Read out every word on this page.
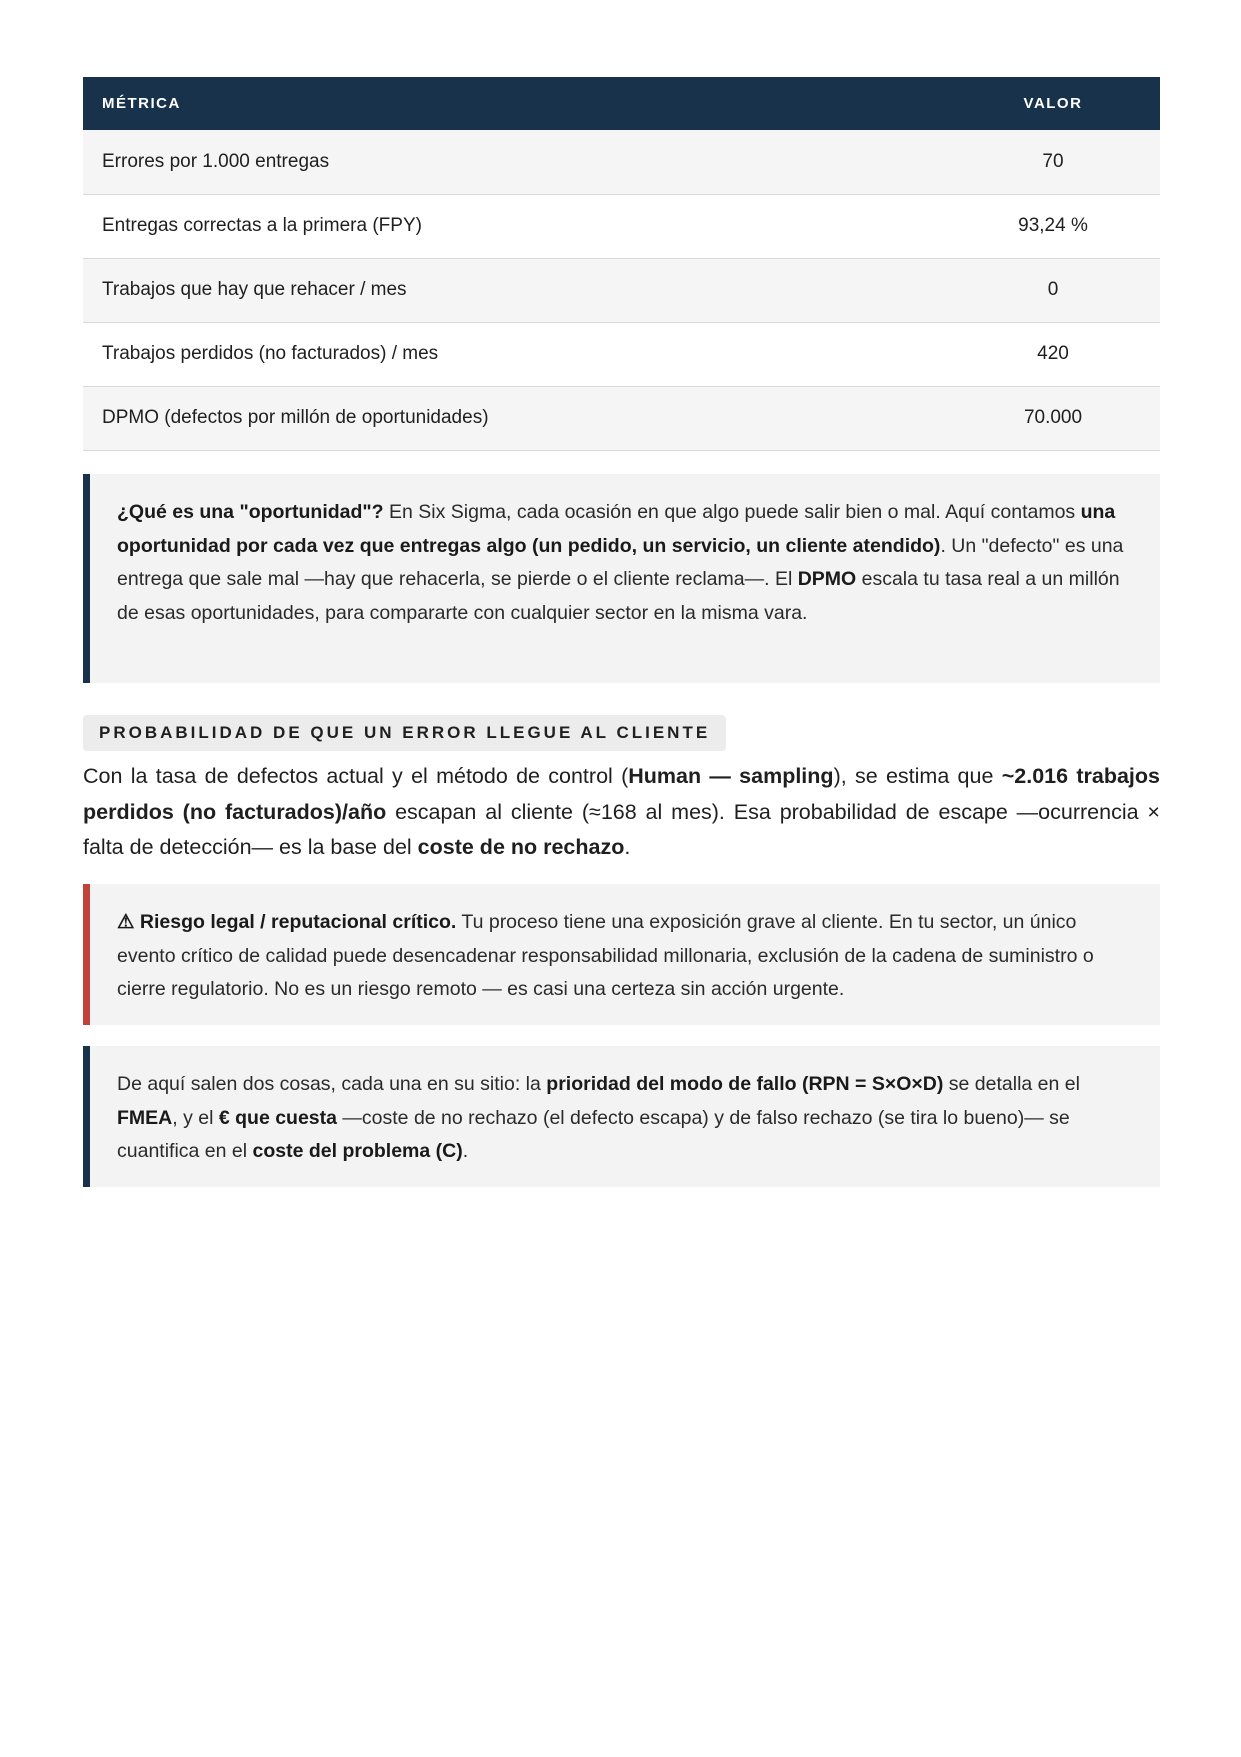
MÉTRICA	VALOR
Errores por 1.000 entregas	70
Entregas correctas a la primera (FPY)	93,24 %
Trabajos que hay que rehacer / mes	0
Trabajos perdidos (no facturados) / mes	420
DPMO (defectos por millón de oportunidades)	70.000
¿Qué es una "oportunidad"? En Six Sigma, cada ocasión en que algo puede salir bien o mal. Aquí contamos una oportunidad por cada vez que entregas algo (un pedido, un servicio, un cliente atendido). Un "defecto" es una entrega que sale mal —hay que rehacerla, se pierde o el cliente reclama—. El DPMO escala tu tasa real a un millón de esas oportunidades, para compararte con cualquier sector en la misma vara.
PROBABILIDAD DE QUE UN ERROR LLEGUE AL CLIENTE

Con la tasa de defectos actual y el método de control (Human — sampling), se estima que ~2.016 trabajos perdidos (no facturados)/año escapan al cliente (≈168 al mes). Esa probabilidad de escape —ocurrencia × falta de detección— es la base del coste de no rechazo.

⚠ Riesgo legal / reputacional crítico. Tu proceso tiene una exposición grave al cliente. En tu sector, un único evento crítico de calidad puede desencadenar responsabilidad millonaria, exclusión de la cadena de suministro o cierre regulatorio. No es un riesgo remoto — es casi una certeza sin acción urgente.
De aquí salen dos cosas, cada una en su sitio: la prioridad del modo de fallo (RPN = S×O×D) se detalla en el FMEA, y el € que cuesta —coste de no rechazo (el defecto escapa) y de falso rechazo (se tira lo bueno)— se cuantifica en el coste del problema (C).
